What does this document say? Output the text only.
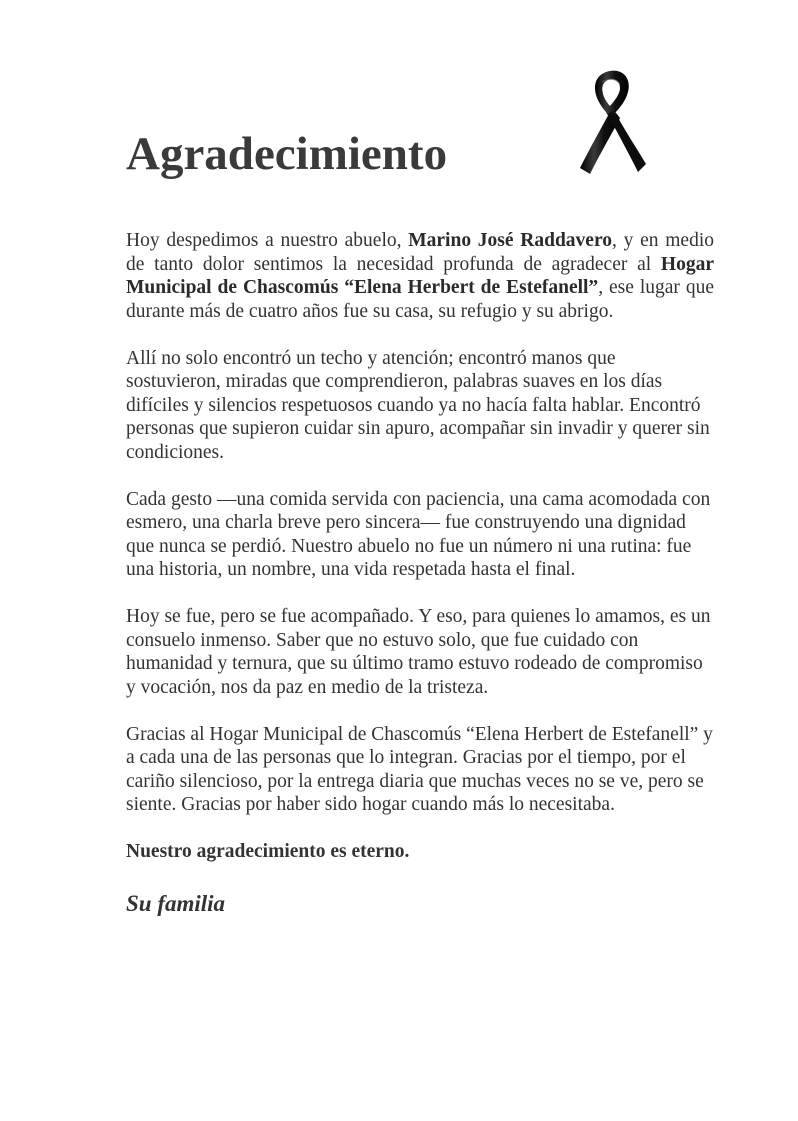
Agradecimiento

Hoy despedimos a nuestro abuelo, Marino José Raddavero, y en medio de tanto dolor sentimos la necesidad profunda de agradecer al Hogar Municipal de Chascomús “Elena Herbert de Estefanell”, ese lugar que durante más de cuatro años fue su casa, su refugio y su abrigo.

Allí no solo encontró un techo y atención; encontró manos que sostuvieron, miradas que comprendieron, palabras suaves en los días difíciles y silencios respetuosos cuando ya no hacía falta hablar. Encontró personas que supieron cuidar sin apuro, acompañar sin invadir y querer sin condiciones.

Cada gesto —una comida servida con paciencia, una cama acomodada con esmero, una charla breve pero sincera— fue construyendo una dignidad que nunca se perdió. Nuestro abuelo no fue un número ni una rutina: fue una historia, un nombre, una vida respetada hasta el final.

Hoy se fue, pero se fue acompañado. Y eso, para quienes lo amamos, es un consuelo inmenso. Saber que no estuvo solo, que fue cuidado con humanidad y ternura, que su último tramo estuvo rodeado de compromiso y vocación, nos da paz en medio de la tristeza.

Gracias al Hogar Municipal de Chascomús “Elena Herbert de Estefanell” y a cada una de las personas que lo integran. Gracias por el tiempo, por el cariño silencioso, por la entrega diaria que muchas veces no se ve, pero se siente. Gracias por haber sido hogar cuando más lo necesitaba.

Nuestro agradecimiento es eterno.

Su familia
